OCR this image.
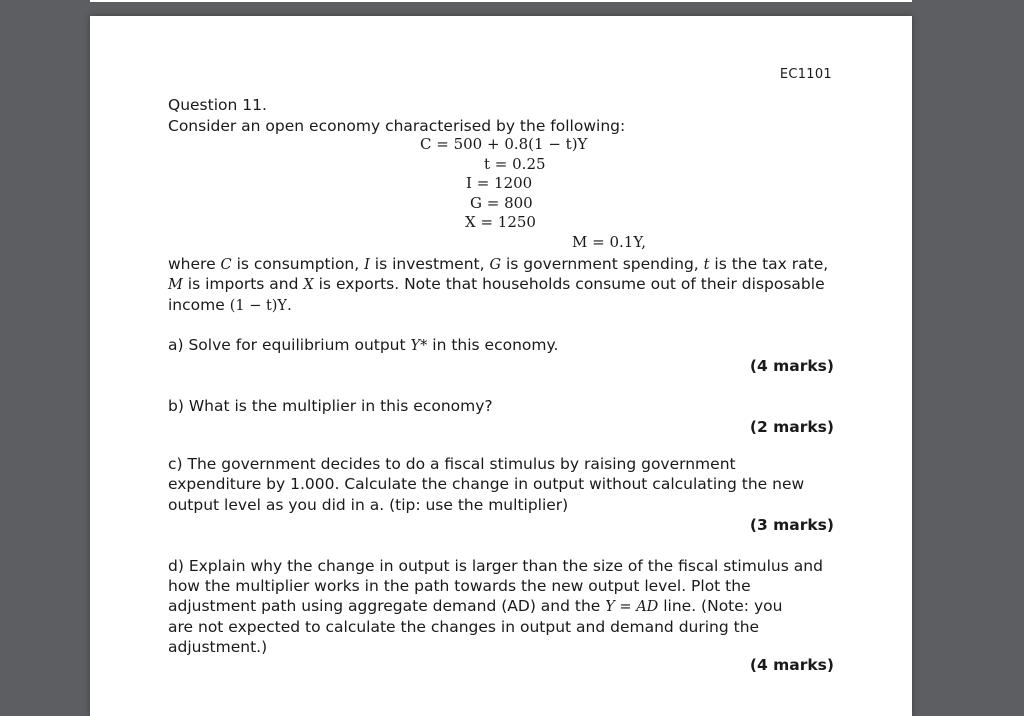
EC1101
Question 11.
Consider an open economy characterised by the following:
C = 500 + 0.8(1 − t)Y
t = 0.25
I = 1200
G = 800
X = 1250
M = 0.1Y,
where C is consumption, I is investment, G is government spending, t is the tax rate,
M is imports and X is exports. Note that households consume out of their disposable
income (1 − t)Y.
a) Solve for equilibrium output Y* in this economy.
(4 marks)
b) What is the multiplier in this economy?
(2 marks)
c) The government decides to do a fiscal stimulus by raising government
expenditure by 1.000. Calculate the change in output without calculating the new
output level as you did in a. (tip: use the multiplier)
(3 marks)
d) Explain why the change in output is larger than the size of the fiscal stimulus and
how the multiplier works in the path towards the new output level. Plot the
adjustment path using aggregate demand (AD) and the Y = AD line. (Note: you
are not expected to calculate the changes in output and demand during the
adjustment.)
(4 marks)
